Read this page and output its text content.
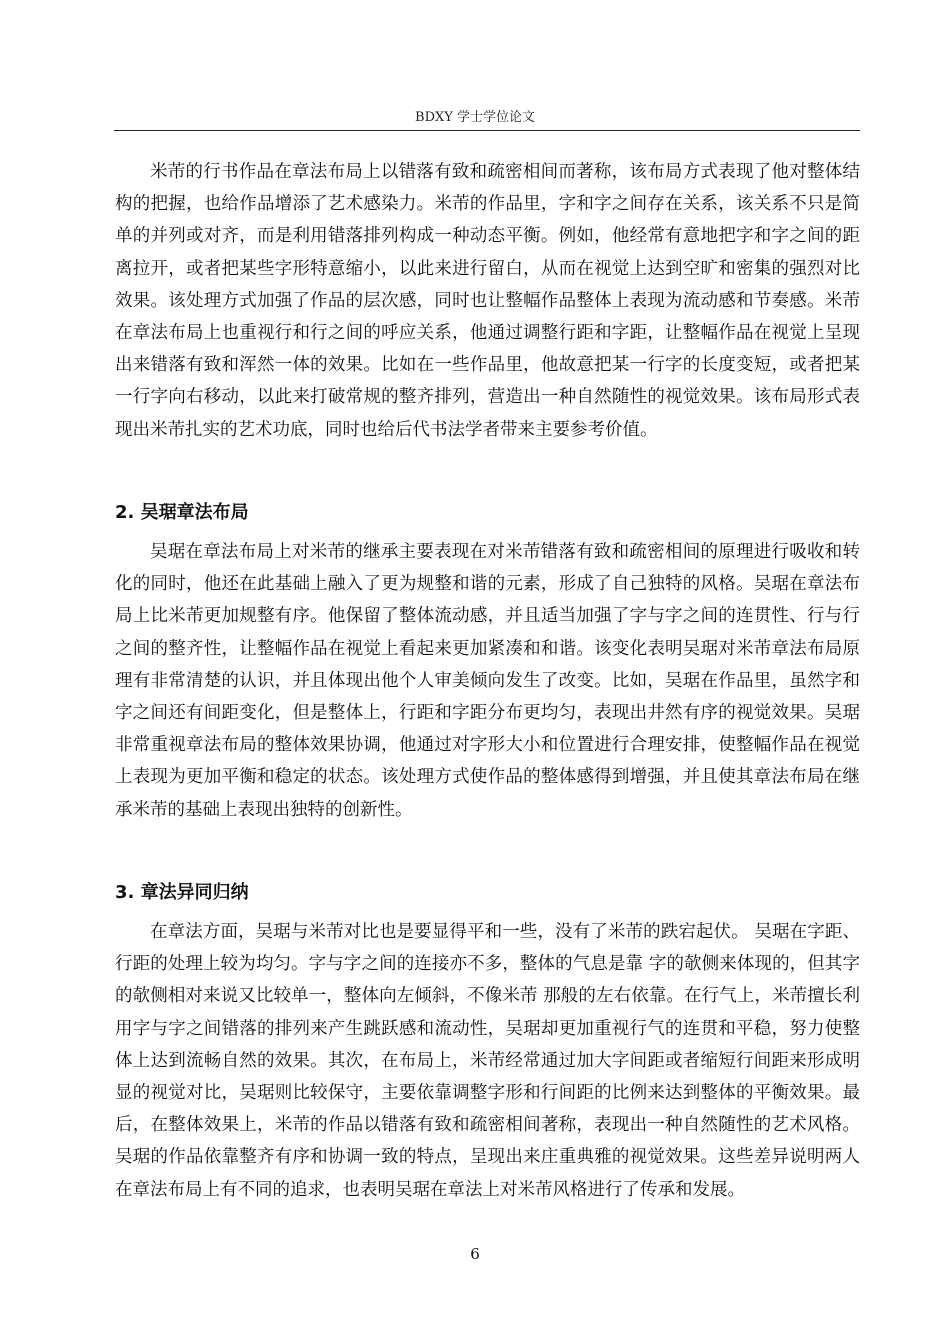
BDXY 学士学位论文

米芾的行书作品在章法布局上以错落有致和疏密相间而著称，该布局方式表现了他对整体结构的把握，也给作品增添了艺术感染力。米芾的作品里，字和字之间存在关系，该关系不只是简单的并列或对齐，而是利用错落排列构成一种动态平衡。例如，他经常有意地把字和字之间的距离拉开，或者把某些字形特意缩小，以此来进行留白，从而在视觉上达到空旷和密集的强烈对比效果。该处理方式加强了作品的层次感，同时也让整幅作品整体上表现为流动感和节奏感。米芾在章法布局上也重视行和行之间的呼应关系，他通过调整行距和字距，让整幅作品在视觉上呈现出来错落有致和浑然一体的效果。比如在一些作品里，他故意把某一行字的长度变短，或者把某一行字向右移动，以此来打破常规的整齐排列，营造出一种自然随性的视觉效果。该布局形式表现出米芾扎实的艺术功底，同时也给后代书法学者带来主要参考价值。

2. 吴琚章法布局

吴琚在章法布局上对米芾的继承主要表现在对米芾错落有致和疏密相间的原理进行吸收和转化的同时，他还在此基础上融入了更为规整和谐的元素，形成了自己独特的风格。吴琚在章法布局上比米芾更加规整有序。他保留了整体流动感，并且适当加强了字与字之间的连贯性、行与行之间的整齐性，让整幅作品在视觉上看起来更加紧凑和和谐。该变化表明吴琚对米芾章法布局原理有非常清楚的认识，并且体现出他个人审美倾向发生了改变。比如，吴琚在作品里，虽然字和字之间还有间距变化，但是整体上，行距和字距分布更均匀，表现出井然有序的视觉效果。吴琚非常重视章法布局的整体效果协调，他通过对字形大小和位置进行合理安排，使整幅作品在视觉上表现为更加平衡和稳定的状态。该处理方式使作品的整体感得到增强，并且使其章法布局在继承米芾的基础上表现出独特的创新性。

3. 章法异同归纳

在章法方面，吴琚与米芾对比也是要显得平和一些，没有了米芾的跌宕起伏。 吴琚在字距、行距的处理上较为均匀。字与字之间的连接亦不多，整体的气息是靠 字的欹侧来体现的，但其字的欹侧相对来说又比较单一，整体向左倾斜，不像米芾 那般的左右依靠。在行气上，米芾擅长利用字与字之间错落的排列来产生跳跃感和流动性，吴琚却更加重视行气的连贯和平稳，努力使整体上达到流畅自然的效果。其次，在布局上，米芾经常通过加大字间距或者缩短行间距来形成明显的视觉对比，吴琚则比较保守，主要依靠调整字形和行间距的比例来达到整体的平衡效果。最后，在整体效果上，米芾的作品以错落有致和疏密相间著称，表现出一种自然随性的艺术风格。吴琚的作品依靠整齐有序和协调一致的特点，呈现出来庄重典雅的视觉效果。这些差异说明两人在章法布局上有不同的追求，也表明吴琚在章法上对米芾风格进行了传承和发展。

6
